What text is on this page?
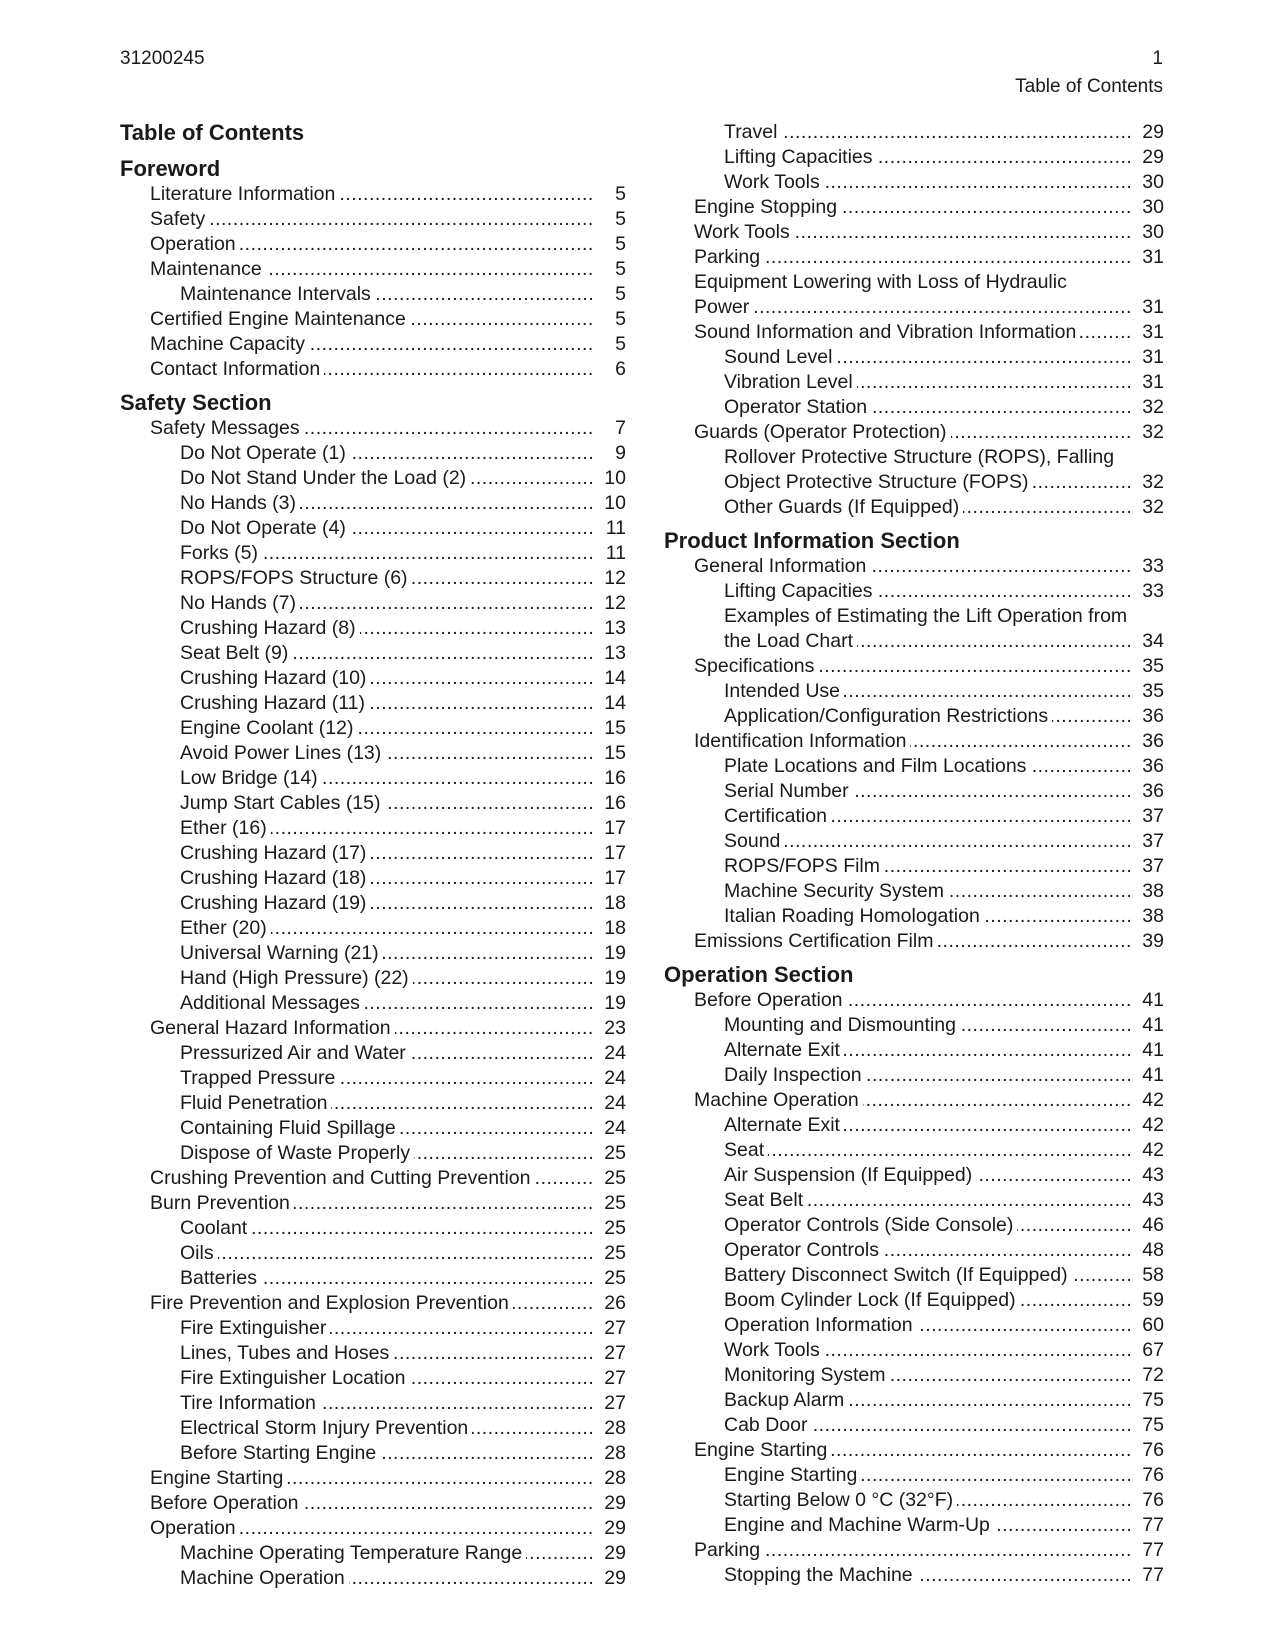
31200245	1
Table of Contents
Table of Contents
Foreword
Literature Information .....	5
Safety .....	5
Operation .....	5
Maintenance .....	5
Maintenance Intervals .....	5
Certified Engine Maintenance .....	5
Machine Capacity .....	5
Contact Information .....	6
Safety Section
Safety Messages .....	7
Do Not Operate (1) .....	9
Do Not Stand Under the Load (2) .....	10
No Hands (3) .....	10
Do Not Operate (4) .....	11
Forks (5) .....	11
ROPS/FOPS Structure (6) .....	12
No Hands (7) .....	12
Crushing Hazard (8) .....	13
Seat Belt (9) .....	13
Crushing Hazard (10) .....	14
Crushing Hazard (11) .....	14
Engine Coolant (12) .....	15
Avoid Power Lines (13) .....	15
Low Bridge (14) .....	16
Jump Start Cables (15) .....	16
Ether (16) .....	17
Crushing Hazard (17) .....	17
Crushing Hazard (18) .....	17
Crushing Hazard (19) .....	18
Ether (20) .....	18
Universal Warning (21) .....	19
Hand (High Pressure) (22) .....	19
Additional Messages .....	19
General Hazard Information .....	23
Pressurized Air and Water .....	24
Trapped Pressure .....	24
Fluid Penetration .....	24
Containing Fluid Spillage .....	24
Dispose of Waste Properly .....	25
Crushing Prevention and Cutting Prevention .....	25
Burn Prevention .....	25
Coolant .....	25
Oils .....	25
Batteries .....	25
Fire Prevention and Explosion Prevention .....	26
Fire Extinguisher .....	27
Lines, Tubes and Hoses .....	27
Fire Extinguisher Location .....	27
Tire Information .....	27
Electrical Storm Injury Prevention .....	28
Before Starting Engine .....	28
Engine Starting .....	28
Before Operation .....	29
Operation .....	29
Machine Operating Temperature Range .....	29
Machine Operation .....	29
Travel .....	29
Lifting Capacities .....	29
Work Tools .....	30
Engine Stopping .....	30
Work Tools .....	30
Parking .....	31
Equipment Lowering with Loss of Hydraulic
Power .....	31
Sound Information and Vibration Information .....	31
Sound Level .....	31
Vibration Level .....	31
Operator Station .....	32
Guards (Operator Protection) .....	32
Rollover Protective Structure (ROPS), Falling
Object Protective Structure (FOPS) .....	32
Other Guards (If Equipped) .....	32
Product Information Section
General Information .....	33
Lifting Capacities .....	33
Examples of Estimating the Lift Operation from
the Load Chart .....	34
Specifications .....	35
Intended Use .....	35
Application/Configuration Restrictions .....	36
Identification Information .....	36
Plate Locations and Film Locations .....	36
Serial Number .....	36
Certification .....	37
Sound .....	37
ROPS/FOPS Film .....	37
Machine Security System .....	38
Italian Roading Homologation .....	38
Emissions Certification Film .....	39
Operation Section
Before Operation .....	41
Mounting and Dismounting .....	41
Alternate Exit .....	41
Daily Inspection .....	41
Machine Operation .....	42
Alternate Exit .....	42
Seat .....	42
Air Suspension (If Equipped) .....	43
Seat Belt .....	43
Operator Controls (Side Console) .....	46
Operator Controls .....	48
Battery Disconnect Switch (If Equipped) .....	58
Boom Cylinder Lock (If Equipped) .....	59
Operation Information .....	60
Work Tools .....	67
Monitoring System .....	72
Backup Alarm .....	75
Cab Door .....	75
Engine Starting .....	76
Engine Starting .....	76
Starting Below 0 °C (32°F) .....	76
Engine and Machine Warm-Up .....	77
Parking .....	77
Stopping the Machine .....	77
